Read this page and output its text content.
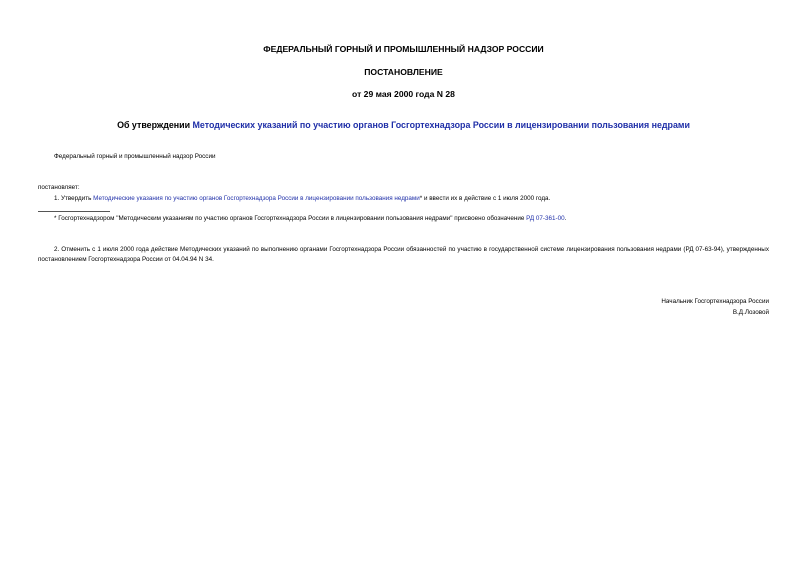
ФЕДЕРАЛЬНЫЙ ГОРНЫЙ И ПРОМЫШЛЕННЫЙ НАДЗОР РОССИИ
ПОСТАНОВЛЕНИЕ
от 29 мая 2000 года N 28
Об утверждении Методических указаний по участию органов Госгортехнадзора России в лицензировании пользования недрами
Федеральный горный и промышленный надзор России
постановляет:
1. Утвердить Методические указания по участию органов Госгортехнадзора России в лицензировании пользования недрами* и ввести их в действие с 1 июля 2000 года.
* Госгортехнадзором "Методическим указаниям по участию органов Госгортехнадзора России в лицензировании пользования недрами" присвоено обозначение РД 07-361-00.
2. Отменить с 1 июля 2000 года действие Методических указаний по выполнению органами Госгортехнадзора России обязанностей по участию в государственной системе лицензирования пользования недрами (РД 07-63-94), утвержденных постановлением Госгортехнадзора России от 04.04.94 N 34.
Начальник Госгортехнадзора России
В.Д.Лозовой
